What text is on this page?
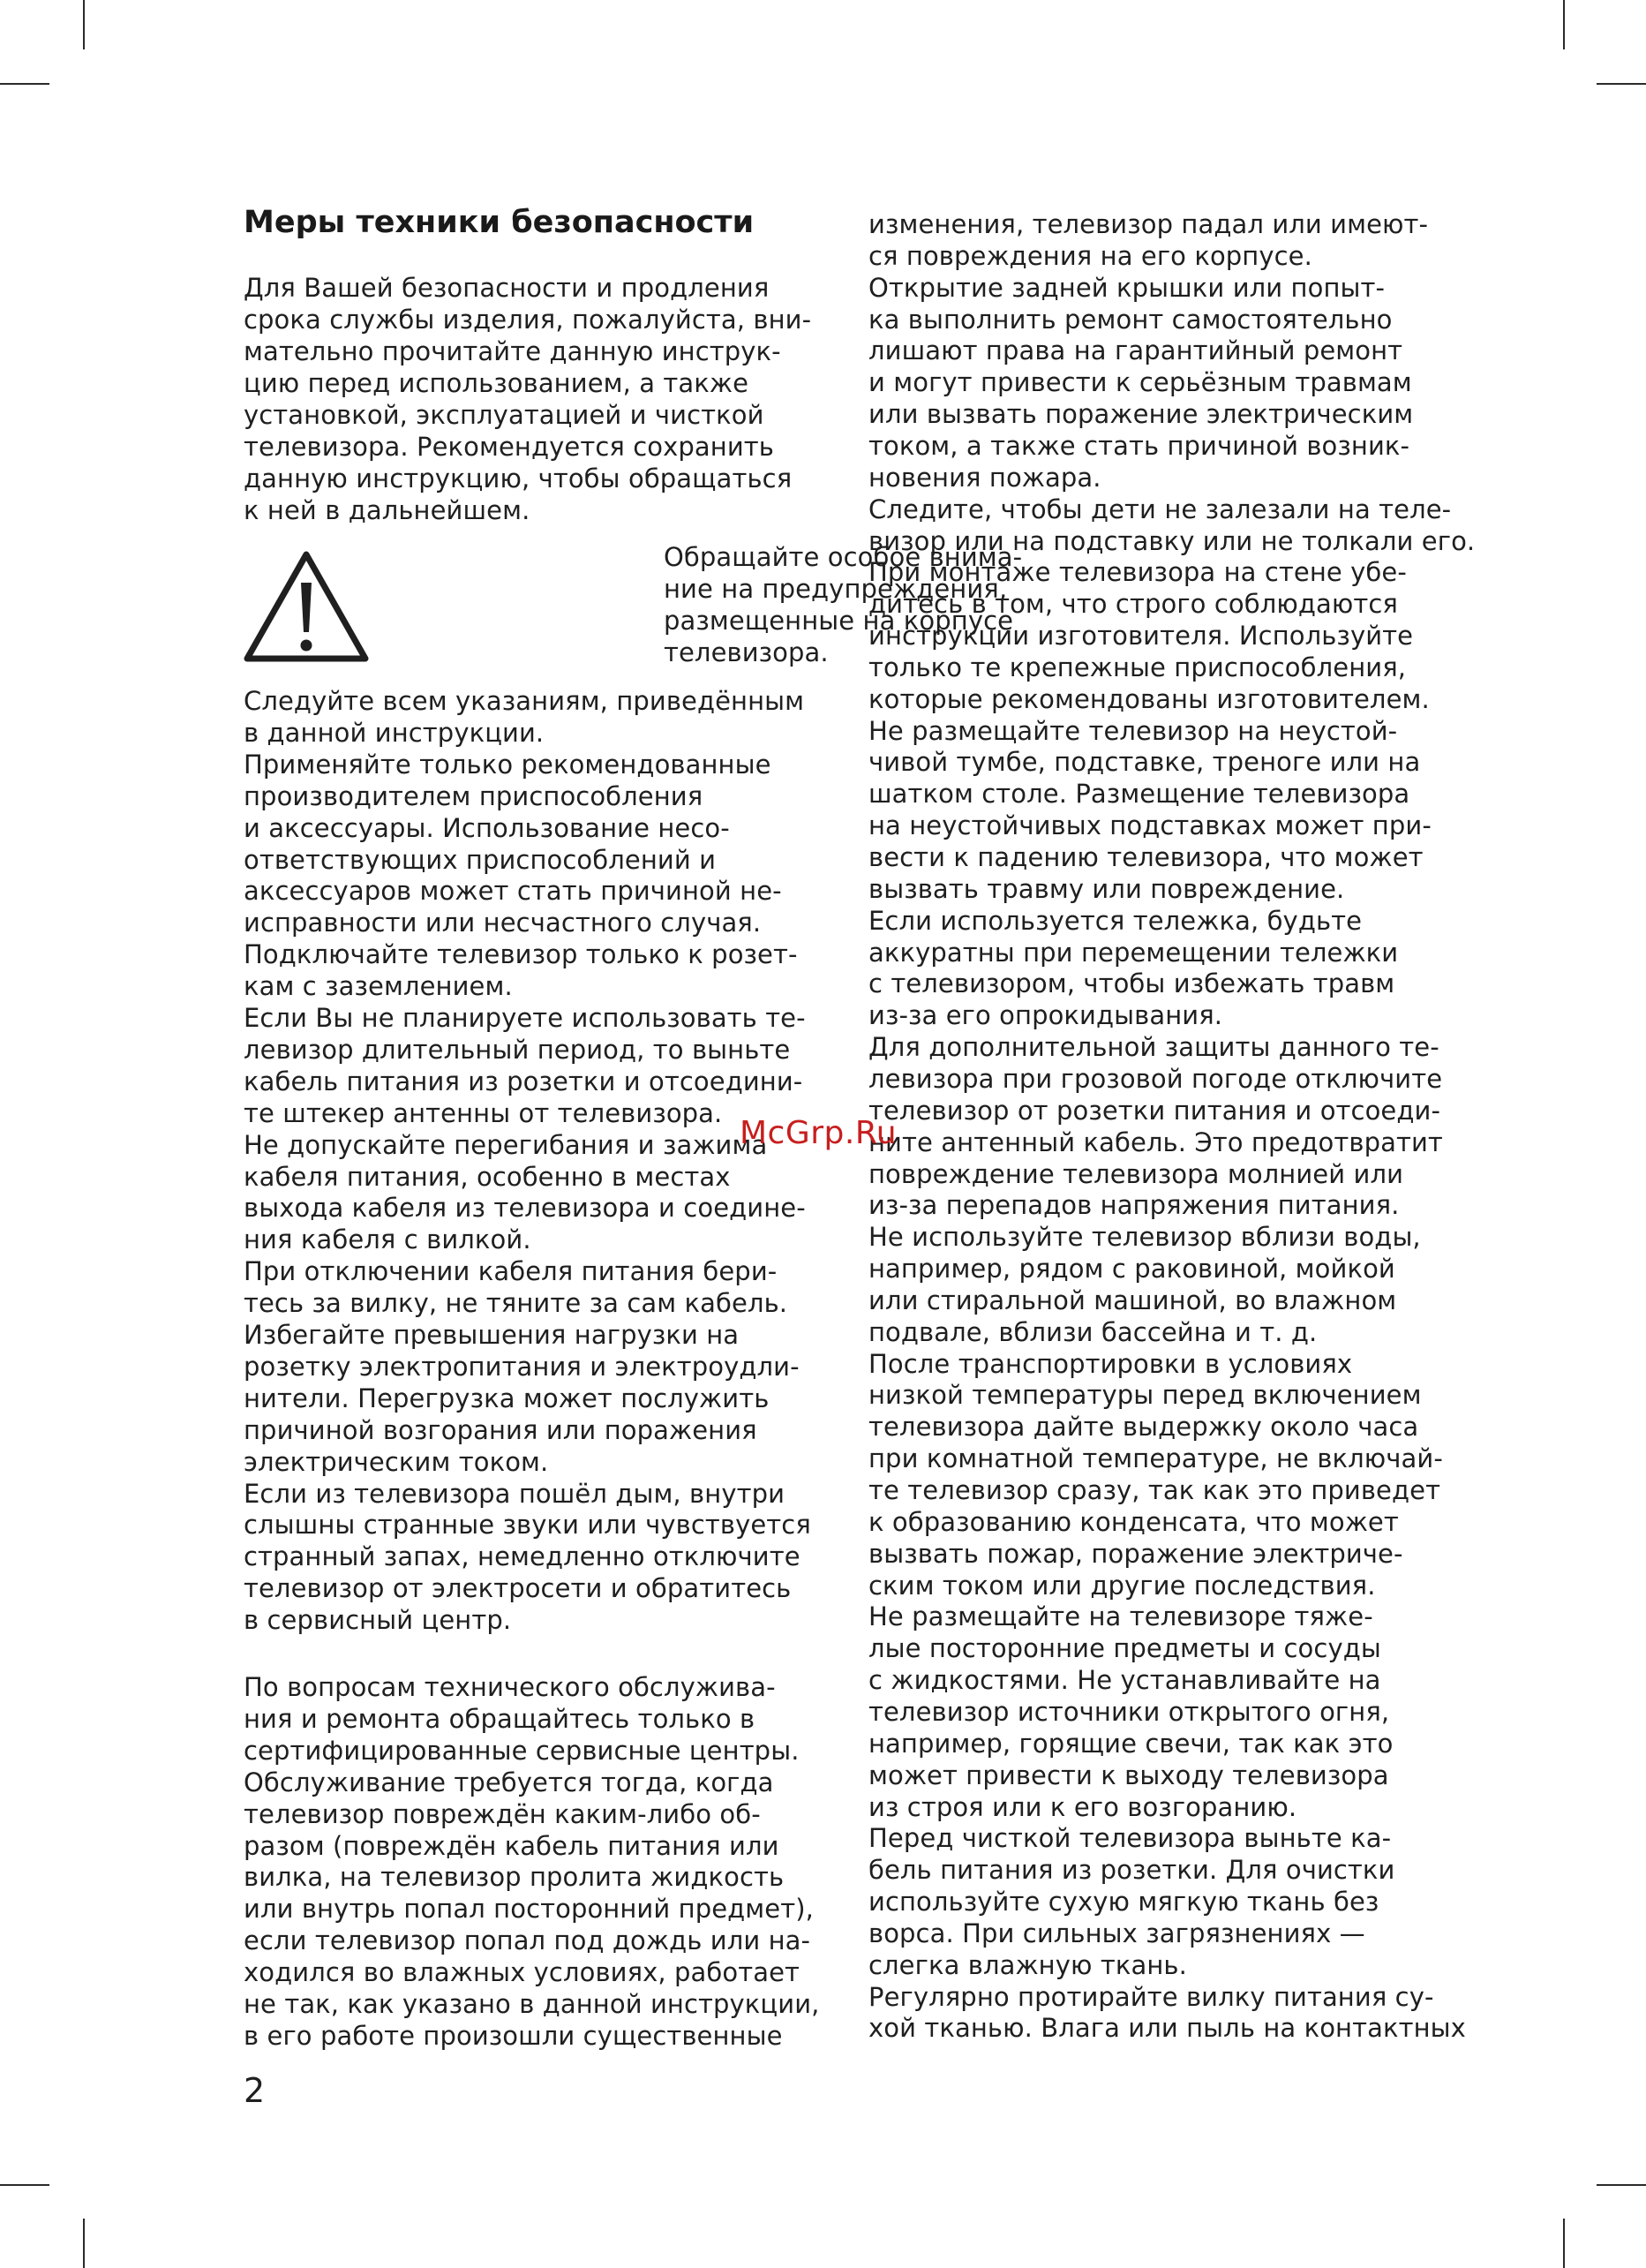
Меры техники безопасности
Для Вашей безопасности и продления
срока службы изделия, пожалуйста, вни-
мательно прочитайте данную инструк-
цию перед использованием, а также
установкой, эксплуатацией и чисткой
телевизора. Рекомендуется сохранить
данную инструкцию, чтобы обращаться
к ней в дальнейшем.
Обращайте особое внима-
ние на предупреждения,
размещенные на корпусе
телевизора.
Следуйте всем указаниям, приведённым
в данной инструкции.
Применяйте только рекомендованные
производителем приспособления
и аксессуары. Использование несо-
ответствующих приспособлений и
аксессуаров может стать причиной не-
исправности или несчастного случая.
Подключайте телевизор только к розет-
кам с заземлением.
Если Вы не планируете использовать те-
левизор длительный период, то выньте
кабель питания из розетки и отсоедини-
те штекер антенны от телевизора.
Не допускайте перегибания и зажима
кабеля питания, особенно в местах
выхода кабеля из телевизора и соедине-
ния кабеля с вилкой.
При отключении кабеля питания бери-
тесь за вилку, не тяните за сам кабель.
Избегайте превышения нагрузки на
розетку электропитания и электроудли-
нители. Перегрузка может послужить
причиной возгорания или поражения
электрическим током.
Если из телевизора пошёл дым, внутри
слышны странные звуки или чувствуется
странный запах, немедленно отключите
телевизор от электросети и обратитесь
в сервисный центр.
По вопросам технического обслужива-
ния и ремонта обращайтесь только в
сертифицированные сервисные центры.
Обслуживание требуется тогда, когда
телевизор повреждён каким-либо об-
разом (повреждён кабель питания или
вилка, на телевизор пролита жидкость
или внутрь попал посторонний предмет),
если телевизор попал под дождь или на-
ходился во влажных условиях, работает
не так, как указано в данной инструкции,
в его работе произошли существенные
изменения, телевизор падал или имеют-
ся повреждения на его корпусе.
Открытие задней крышки или попыт-
ка выполнить ремонт самостоятельно
лишают права на гарантийный ремонт
и могут привести к серьёзным травмам
или вызвать поражение электрическим
током, а также стать причиной возник-
новения пожара.
Следите, чтобы дети не залезали на теле-
визор или на подставку или не толкали его.
При монтаже телевизора на стене убе-
дитесь в том, что строго соблюдаются
инструкции изготовителя. Используйте
только те крепежные приспособления,
которые рекомендованы изготовителем.
Не размещайте телевизор на неустой-
чивой тумбе, подставке, треноге или на
шатком столе. Размещение телевизора
на неустойчивых подставках может при-
вести к падению телевизора, что может
вызвать травму или повреждение.
Если используется тележка, будьте
аккуратны при перемещении тележки
с телевизором, чтобы избежать травм
из-за его опрокидывания.
Для дополнительной защиты данного те-
левизора при грозовой погоде отключите
телевизор от розетки питания и отсоеди-
ните антенный кабель. Это предотвратит
повреждение телевизора молнией или
из-за перепадов напряжения питания.
Не используйте телевизор вблизи воды,
например, рядом с раковиной, мойкой
или стиральной машиной, во влажном
подвале, вблизи бассейна и т. д.
После транспортировки в условиях
низкой температуры перед включением
телевизора дайте выдержку около часа
при комнатной температуре, не включай-
те телевизор сразу, так как это приведет
к образованию конденсата, что может
вызвать пожар, поражение электриче-
ским током или другие последствия.
Не размещайте на телевизоре тяже-
лые посторонние предметы и сосуды
с жидкостями. Не устанавливайте на
телевизор источники открытого огня,
например, горящие свечи, так как это
может привести к выходу телевизора
из строя или к его возгоранию.
Перед чисткой телевизора выньте ка-
бель питания из розетки. Для очистки
используйте сухую мягкую ткань без
ворса. При сильных загрязнениях —
слегка влажную ткань.
Регулярно протирайте вилку питания су-
хой тканью. Влага или пыль на контактных
McGrp.Ru
2
